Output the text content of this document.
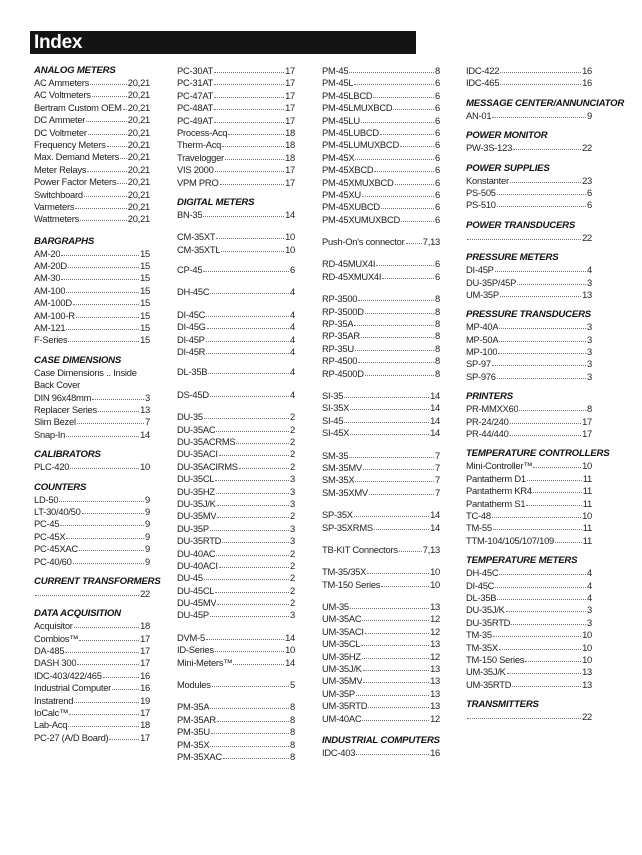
Index
ANALOG METERS
AC Ammeters	20,21
AC Voltmeters	20,21
Bertram Custom OEM 20,21
DC Ammeter	20,21
DC Voltmeter	20,21
Frequency Meters 20,21
Max. Demand Meters 20,21
Meter Relays	20,21
Power Factor Meters 20,21
Switchboard	20,21
Varmeters	20,21
Wattmeters	20,21
BARGRAPHS
AM-20	15
AM-20D	15
AM-30	15
AM-100	15
AM-100D	15
AM-100-R	15
AM-121	15
F-Series	15
CASE DIMENSIONS
Case Dimensions .. Inside Back Cover
DIN 96x48mm	3
Replacer Series	13
Slim Bezel	7
Snap-In	14
CALIBRATORS
PLC-420	10
COUNTERS
LD-50	9
LT-30/40/50	9
PC-45	9
PC-45X	9
PC-45XAC	9
PC-40/60	9
CURRENT TRANSFORMERS
22
DATA ACQUISITION
Acquisitor	18
Combios™	17
DA-485	17
DASH 300	17
IDC-403/422/465	16
Industrial Computer	16
Instatrend	19
IoCalc™	17
Lab-Acq	18
PC-27 (A/D Board)	17
PC-30AT	17
PC-31AT	17
PC-47AT	17
PC-48AT	17
PC-49AT	17
Process-Acq	18
Therm-Acq	18
Travelogger	18
VIS 2000	17
VPM PRO	17
DIGITAL METERS
BN-35	14
CM-35XT	10
CM-35XTL	10
CP-45	6
DH-45C	4
DI-45C	4
DI-45G	4
DI-45P	4
DI-45R	4
DL-35B	4
DS-45D	4
DU-35	2
DU-35AC	2
DU-35ACRMS	2
DU-35ACI	2
DU-35ACIRMS	2
DU-35CL	3
DU-35HZ	3
DU-35J/K	3
DU-35MV	2
DU-35P	3
DU-35RTD	3
DU-40AC	2
DU-40ACI	2
DU-45	2
DU-45CL	2
DU-45MV	2
DU-45P	3
DVM-5	14
ID-Series	10
Mini-Meters™	14
Modules	5
PM-35A	8
PM-35AR	8
PM-35U	8
PM-35X	8
PM-35XAC	8
PM-45	8
PM-45L	6
PM-45LBCD	6
PM-45LMUXBCD	6
PM-45LU	6
PM-45LUBCD	6
PM-45LUMUXBCD	6
PM-45X	6
PM-45XBCD	6
PM-45XMUXBCD	6
PM-45XU	6
PM-45XUBCD	6
PM-45XUMUXBCD	6
Push-On's connector 7,13
RD-45MUX4I	6
RD-45XMUX4I	6
RP-3500	8
RP-3500D	8
RP-35A	8
RP-35AR	8
RP-35U	8
RP-4500	8
RP-4500D	8
SI-35	14
SI-35X	14
SI-45	14
SI-45X	14
SM-35	7
SM-35MV	7
SM-35X	7
SM-35XMV	7
SP-35X	14
SP-35XRMS	14
TB-KIT Connectors	7,13
TM-35/35X	10
TM-150 Series	10
UM-35	13
UM-35AC	12
UM-35ACI	12
UM-35CL	13
UM-35HZ	12
UM-35J/K	13
UM-35MV	13
UM-35P	13
UM-35RTD	13
UM-40AC	12
INDUSTRIAL COMPUTERS
IDC-403	16
IDC-422	16
IDC-465	16
MESSAGE CENTER/ANNUNCIATOR
AN-01	9
POWER MONITOR
PW-3S-123	22
POWER SUPPLIES
Konstanter	23
PS-505	6
PS-510	6
POWER TRANSDUCERS
22
PRESSURE METERS
DI-45P	4
DU-35P/45P	3
UM-35P	13
PRESSURE TRANSDUCERS
MP-40A	3
MP-50A	3
MP-100	3
SP-97	3
SP-976	3
PRINTERS
PR-MMXX60	8
PR-24/240	17
PR-44/440	17
TEMPERATURE CONTROLLERS
Mini-Controller™	10
Pantatherm D1	11
Pantatherm KR4	11
Pantatherm S1	11
TC-48	10
TM-55	11
TTM-104/105/107/109	11
TEMPERATURE METERS
DH-45C	4
DI-45C	4
DL-35B	4
DU-35J/K	3
DU-35RTD	3
TM-35	10
TM-35X	10
TM-150 Series	10
UM-35J/K	13
UM-35RTD	13
TRANSMITTERS
22
